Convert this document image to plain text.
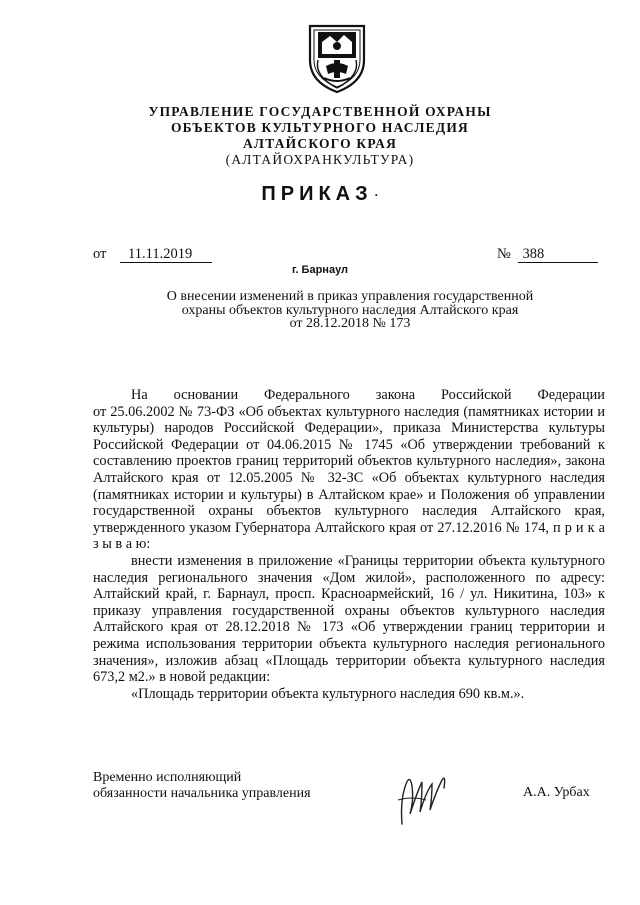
УПРАВЛЕНИЕ ГОСУДАРСТВЕННОЙ ОХРАНЫ
ОБЪЕКТОВ КУЛЬТУРНОГО НАСЛЕДИЯ
АЛТАЙСКОГО КРАЯ
(АЛТАЙОХРАНКУЛЬТУРА)
ПРИКАЗ ·
от 11.11.2019	№ 388
г. Барнаул
О внесении изменений в приказ управления государственной
охраны объектов культурного наследия Алтайского края
от 28.12.2018 № 173
На основании Федерального закона Российской Федерации

от 25.06.2002 № 73-ФЗ «Об объектах культурного наследия (памятниках истории и культуры) народов Российской Федерации», приказа Министерства культуры Российской Федерации от 04.06.2015 № 1745 «Об утверждении требований к составлению проектов границ территорий объектов культурного наследия», закона Алтайского края от 12.05.2005 № 32-ЗС «Об объектах культурного наследия (памятниках истории и культуры) в Алтайском крае» и Положения об управлении государственной охраны объектов культурного наследия Алтайского края, утвержденного указом Губернатора Алтайского края от 27.12.2016 № 174, п р и к а з ы в а ю:

внести изменения в приложение «Границы территории объекта культурного наследия регионального значения «Дом жилой», расположенного по адресу: Алтайский край, г. Барнаул, просп. Красноармейский, 16 / ул. Никитина, 103» к приказу управления государственной охраны объектов культурного наследия Алтайского края от 28.12.2018 № 173 «Об утверждении границ территории и режима использования территории объекта культурного наследия регионального значения», изложив абзац «Площадь территории объекта культурного наследия 673,2 м2.» в новой редакции:

«Площадь территории объекта культурного наследия 690 кв.м.».

Временно исполняющий
обязанности начальника управления	А.А. Урбах
